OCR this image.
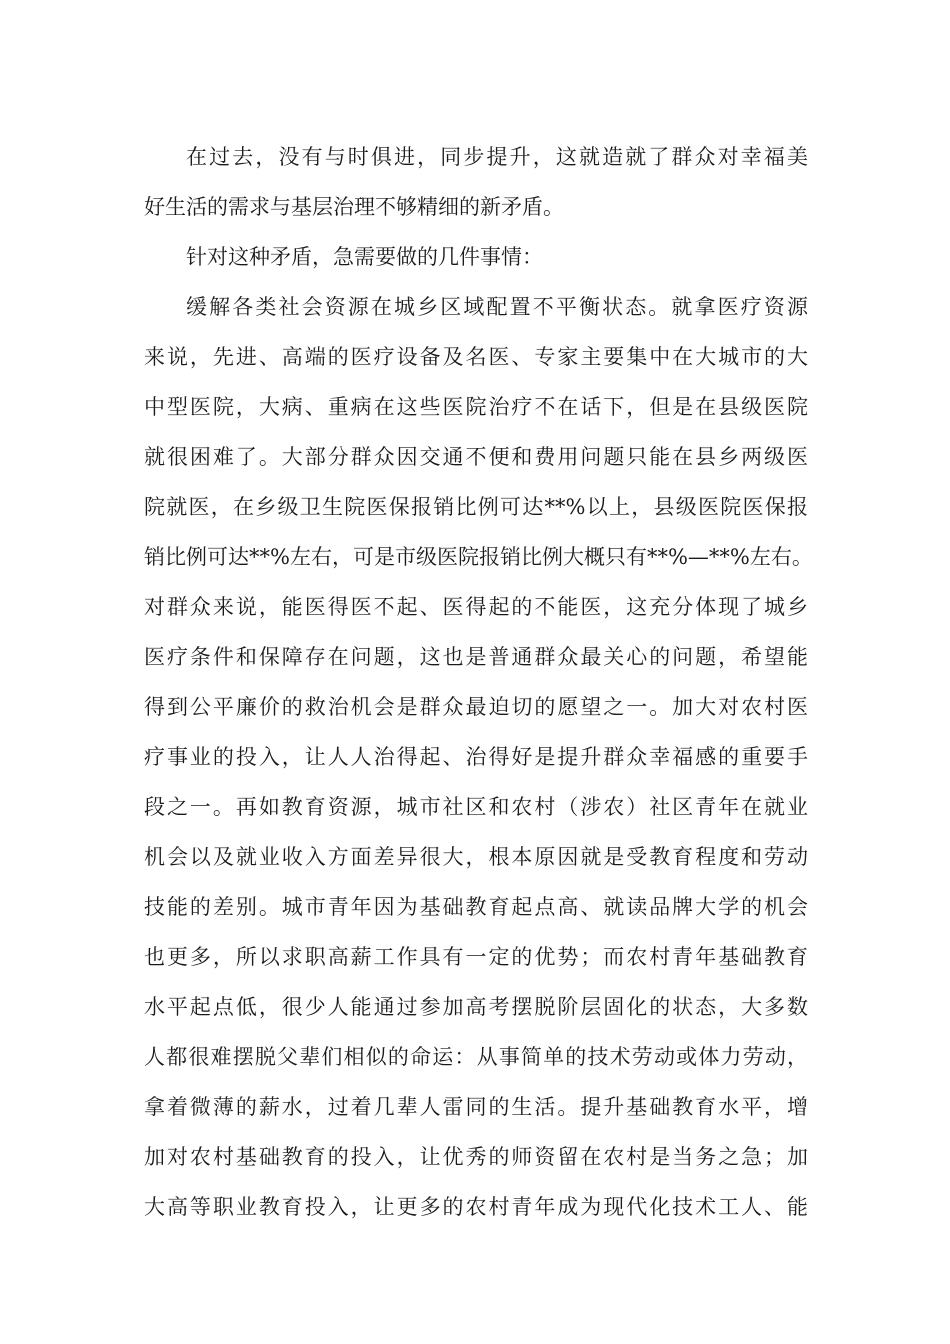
在过去，没有与时俱进，同步提升，这就造就了群众对幸福美
好生活的需求与基层治理不够精细的新矛盾。
针对这种矛盾，急需要做的几件事情：
缓解各类社会资源在城乡区域配置不平衡状态。就拿医疗资源
来说，先进、高端的医疗设备及名医、专家主要集中在大城市的大
中型医院，大病、重病在这些医院治疗不在话下，但是在县级医院
就很困难了。大部分群众因交通不便和费用问题只能在县乡两级医
院就医，在乡级卫生院医保报销比例可达**%以上，县级医院医保报
销比例可达**%左右，可是市级医院报销比例大概只有**%—**%左右。
对群众来说，能医得医不起、医得起的不能医，这充分体现了城乡
医疗条件和保障存在问题，这也是普通群众最关心的问题，希望能
得到公平廉价的救治机会是群众最迫切的愿望之一。加大对农村医
疗事业的投入，让人人治得起、治得好是提升群众幸福感的重要手
段之一。再如教育资源，城市社区和农村（涉农）社区青年在就业
机会以及就业收入方面差异很大，根本原因就是受教育程度和劳动
技能的差别。城市青年因为基础教育起点高、就读品牌大学的机会
也更多，所以求职高薪工作具有一定的优势；而农村青年基础教育
水平起点低，很少人能通过参加高考摆脱阶层固化的状态，大多数
人都很难摆脱父辈们相似的命运：从事简单的技术劳动或体力劳动，
拿着微薄的薪水，过着几辈人雷同的生活。提升基础教育水平，增
加对农村基础教育的投入，让优秀的师资留在农村是当务之急；加
大高等职业教育投入，让更多的农村青年成为现代化技术工人、能
